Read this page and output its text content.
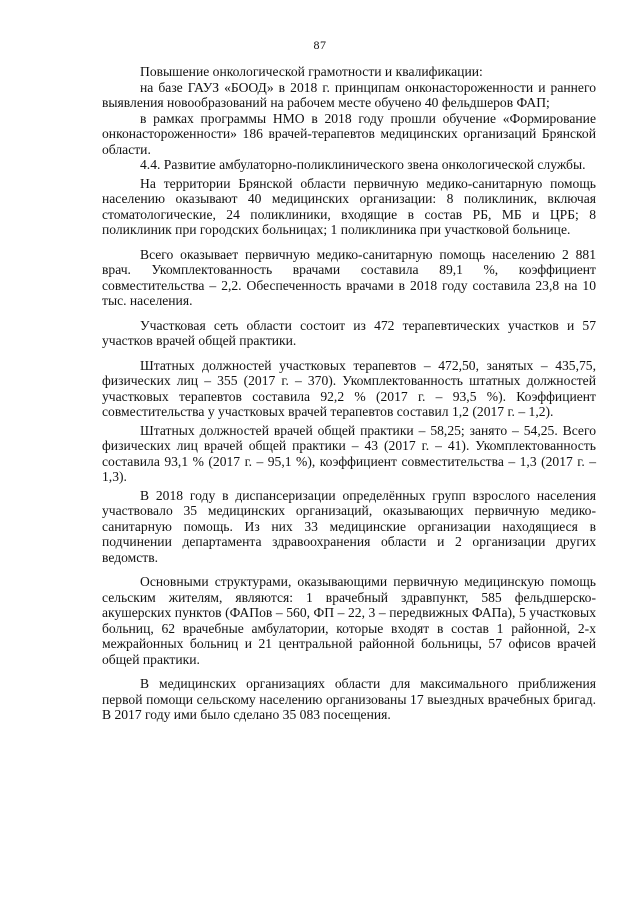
87

Повышение онкологической грамотности и квалификации:

на базе ГАУЗ «БООД» в 2018 г. принципам онконастороженности и раннего выявления новообразований на рабочем месте обучено 40 фельдшеров ФАП;

в рамках программы НМО в 2018 году прошли обучение «Формирование онконастороженности» 186 врачей-терапевтов медицинских организаций Брянской области.

4.4. Развитие амбулаторно-поликлинического звена онкологической службы.

На территории Брянской области первичную медико-санитарную помощь населению оказывают 40 медицинских организации: 8 поликлиник, включая стоматологические, 24 поликлиники, входящие в состав РБ, МБ и ЦРБ; 8 поликлиник при городских больницах; 1 поликлиника при участковой больнице.

Всего оказывает первичную медико-санитарную помощь населению 2 881 врач. Укомплектованность врачами составила 89,1 %, коэффициент совместительства – 2,2. Обеспеченность врачами в 2018 году составила 23,8 на 10 тыс. населения.

Участковая сеть области состоит из 472 терапевтических участков и 57 участков врачей общей практики.

Штатных должностей участковых терапевтов – 472,50, занятых – 435,75, физических лиц – 355 (2017 г. – 370). Укомплектованность штатных должностей участковых терапевтов составила 92,2 % (2017 г. – 93,5 %). Коэффициент совместительства у участковых врачей терапевтов составил 1,2 (2017 г. – 1,2).

Штатных должностей врачей общей практики – 58,25; занято – 54,25. Всего физических лиц врачей общей практики – 43 (2017 г. – 41). Укомплектованность составила 93,1 % (2017 г. – 95,1 %), коэффициент совместительства – 1,3 (2017 г. – 1,3).

В 2018 году в диспансеризации определённых групп взрослого населения участвовало 35 медицинских организаций, оказывающих первичную медико-санитарную помощь. Из них 33 медицинские организации находящиеся в подчинении департамента здравоохранения области и 2 организации других ведомств.

Основными структурами, оказывающими первичную медицинскую помощь сельским жителям, являются: 1 врачебный здравпункт, 585 фельдшерско-акушерских пунктов (ФАПов – 560, ФП – 22, 3 – передвижных ФАПа), 5 участковых больниц, 62 врачебные амбулатории, которые входят в состав 1 районной, 2-х межрайонных больниц и 21 центральной районной больницы, 57 офисов врачей общей практики.

В медицинских организациях области для максимального приближения первой помощи сельскому населению организованы 17 выездных врачебных бригад. В 2017 году ими было сделано 35 083 посещения.
